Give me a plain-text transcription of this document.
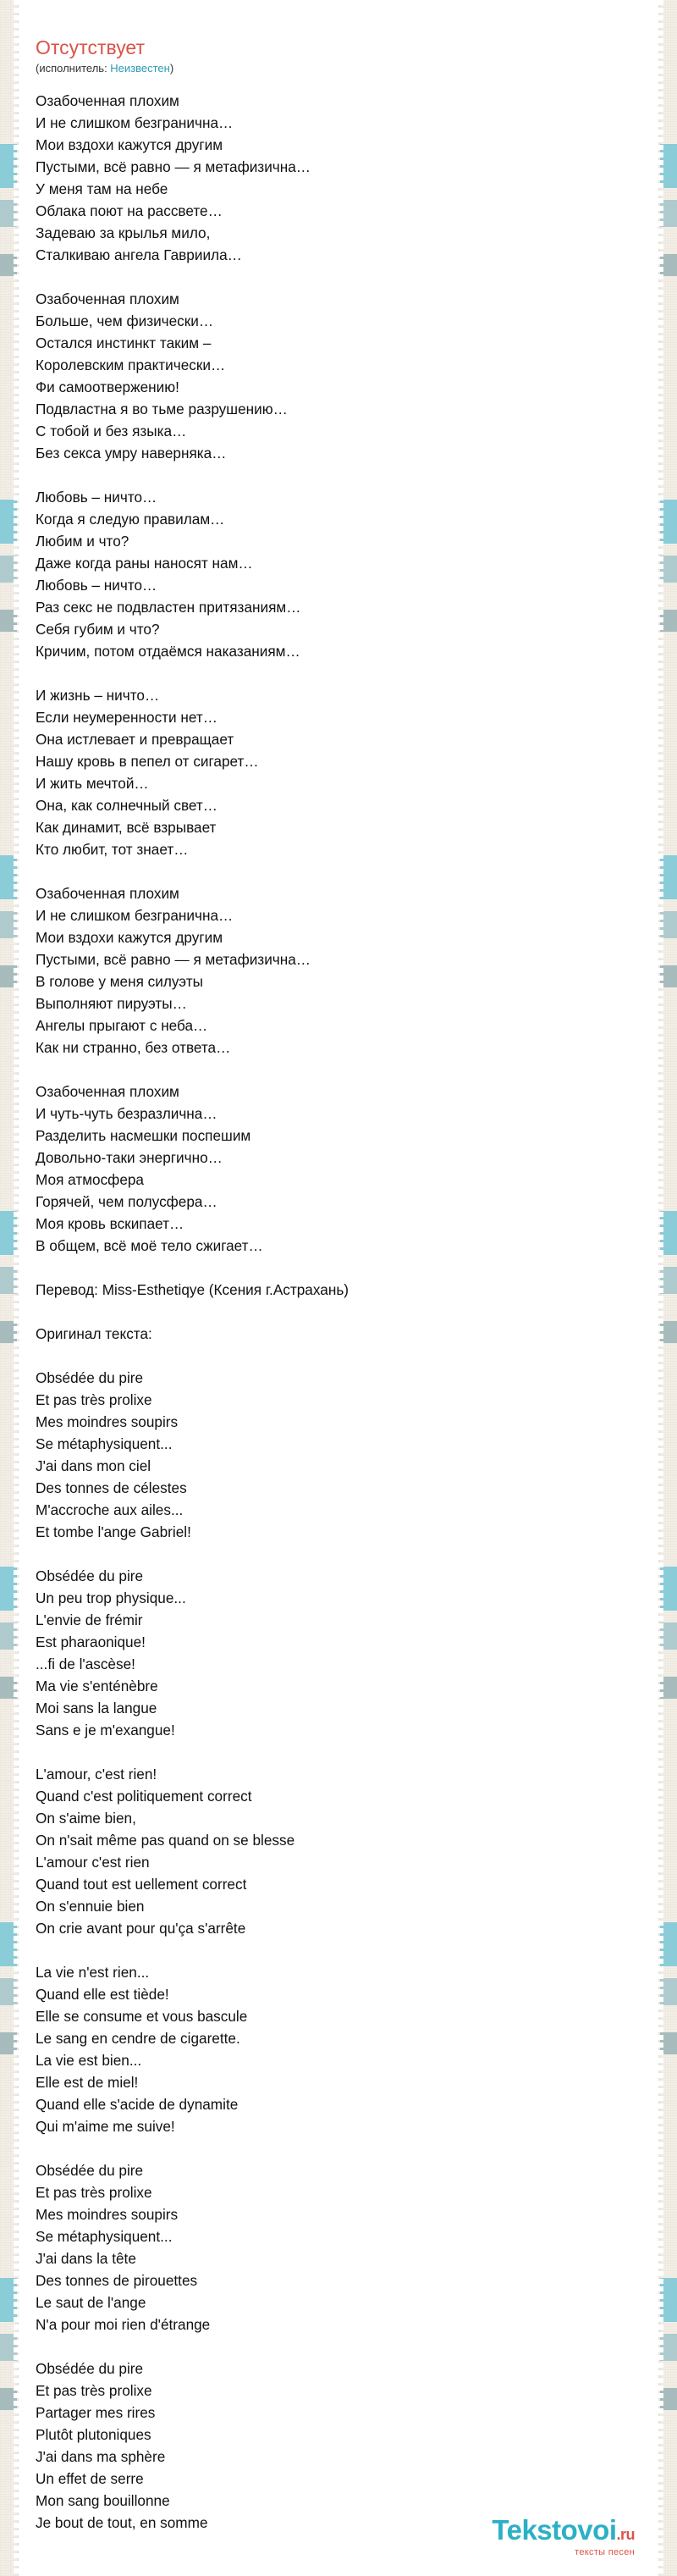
Отсутствует
(исполнитель: Неизвестен)
Озабоченная плохим
И не слишком безгранична…
Мои вздохи кажутся другим
Пустыми, всё равно — я метафизична…
У меня там на небе
Облака поют на рассвете…
Задеваю за крылья мило,
Сталкиваю ангела Гавриила…

Озабоченная плохим
Больше, чем физически…
Остался инстинкт таким –
Королевским практически…
Фи самоотвержению!
Подвластна я во тьме разрушению…
С тобой и без языка…
Без секса умру наверняка…

Любовь – ничто…
Когда я следую правилам…
Любим и что?
Даже когда раны наносят нам…
Любовь – ничто…
Раз секс не подвластен притязаниям…
Себя губим и что?
Кричим, потом отдаёмся наказаниям…

И жизнь – ничто…
Если неумеренности нет…
Она истлевает и превращает
Нашу кровь в пепел от сигарет…
И жить мечтой…
Она, как солнечный свет…
Как динамит, всё взрывает
Кто любит, тот знает…

Озабоченная плохим
И не слишком безгранична…
Мои вздохи кажутся другим
Пустыми, всё равно — я метафизична…
В голове у меня силуэты
Выполняют пируэты…
Ангелы прыгают с неба…
Как ни странно, без ответа…

Озабоченная плохим
И чуть-чуть безразлична…
Разделить насмешки поспешим
Довольно-таки энергично…
Моя атмосфера
Горячей, чем полусфера…
Моя кровь вскипает…
В общем, всё моё тело сжигает…

Перевод: Miss-Esthetiqye (Ксения г.Астрахань)

Оригинал текста:

Obsédée du pire
Et pas très prolixe
Mes moindres soupirs
Se métaphysiquent...
J'ai dans mon ciel
Des tonnes de célestes
M'accroche aux ailes...
Et tombe l'ange Gabriel!

Obsédée du pire
Un peu trop physique...
L'envie de frémir
Est pharaonique!
...fi de l'ascèse!
Ma vie s'enténèbre
Moi sans la langue
Sans e je m'exangue!

L'amour, c'est rien!
Quand c'est politiquement correct
On s'aime bien,
On n'sait même pas quand on se blesse
L'amour c'est rien
Quand tout est uellement correct
On s'ennuie bien
On crie avant pour qu'ça s'arrête

La vie n'est rien...
Quand elle est tiède!
Elle se consume et vous bascule
Le sang en cendre de cigarette.
La vie est bien...
Elle est de miel!
Quand elle s'acide de dynamite
Qui m'aime me suive!

Obsédée du pire
Et pas très prolixe
Mes moindres soupirs
Se métaphysiquent...
J'ai dans la tête
Des tonnes de pirouettes
Le saut de l'ange
N'a pour moi rien d'étrange

Obsédée du pire
Et pas très prolixe
Partager mes rires
Plutôt plutoniques
J'ai dans ma sphère
Un effet de serre
Mon sang bouillonne
Je bout de tout, en somme	Tekstovoi.ru
тексты песен
